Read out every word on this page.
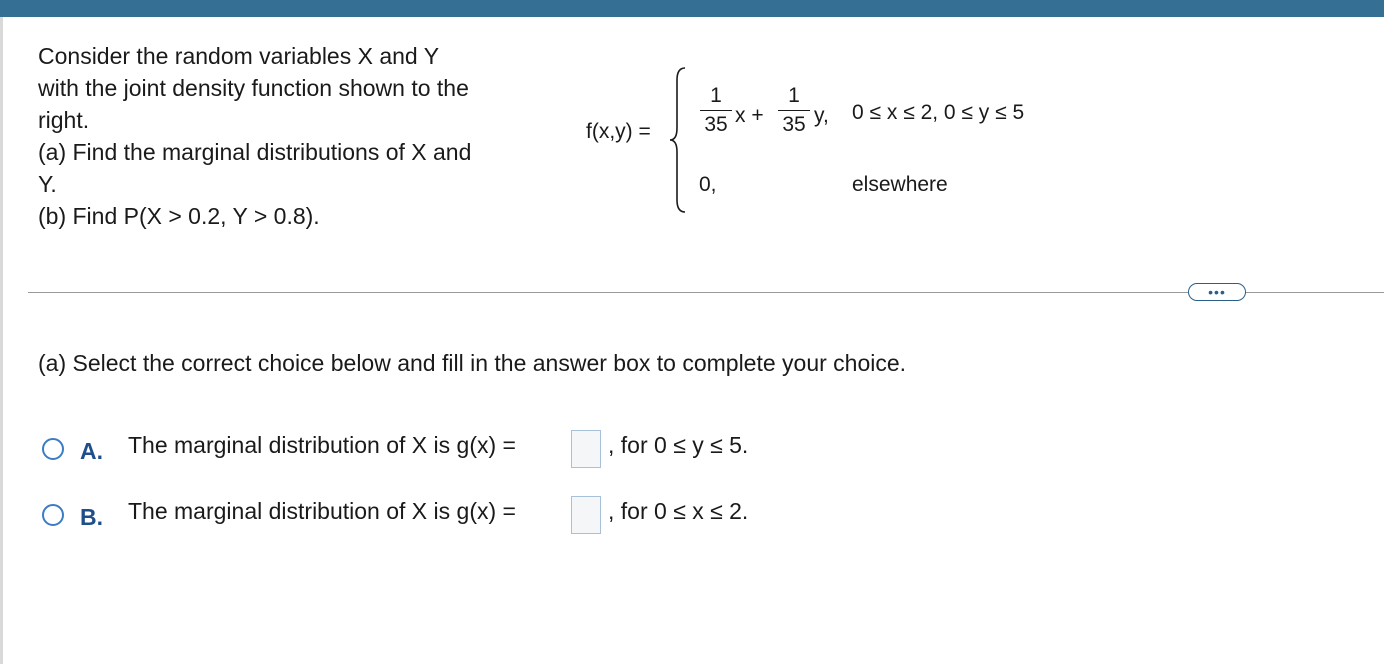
Consider the random variables X and Y
with the joint density function shown to the
right.
(a) Find the marginal distributions of X and
Y.
(b) Find P(X > 0.2, Y > 0.8).
f(x,y) =
1
35 x +
1
35 y, 0 ≤ x ≤ 2, 0 ≤ y ≤ 5
0,	elsewhere
•••
(a) Select the correct choice below and fill in the answer box to complete your choice.
A. The marginal distribution of X is g(x) =	, for 0 ≤ y ≤ 5.
B. The marginal distribution of X is g(x) =	, for 0 ≤ x ≤ 2.
